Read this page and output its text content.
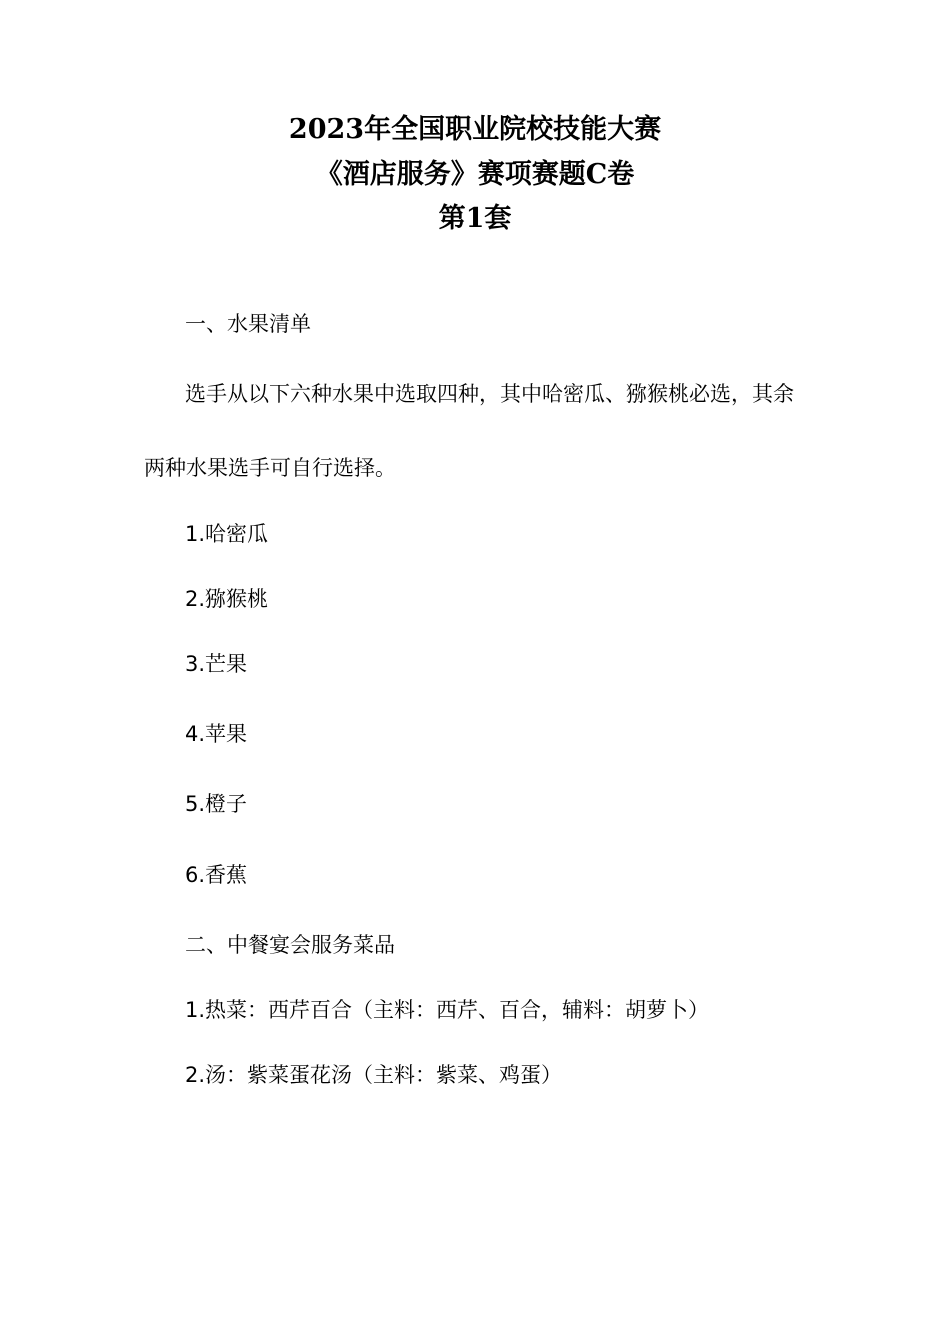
2023年全国职业院校技能大赛
《酒店服务》赛项赛题C卷
第1套
一、水果清单
选手从以下六种水果中选取四种，其中哈密瓜、猕猴桃必选，其余
两种水果选手可自行选择。
1.哈密瓜
2.猕猴桃
3.芒果
4.苹果
5.橙子
6.香蕉
二、中餐宴会服务菜品
1.热菜：西芹百合（主料：西芹、百合，辅料：胡萝卜）
2.汤：紫菜蛋花汤（主料：紫菜、鸡蛋）
